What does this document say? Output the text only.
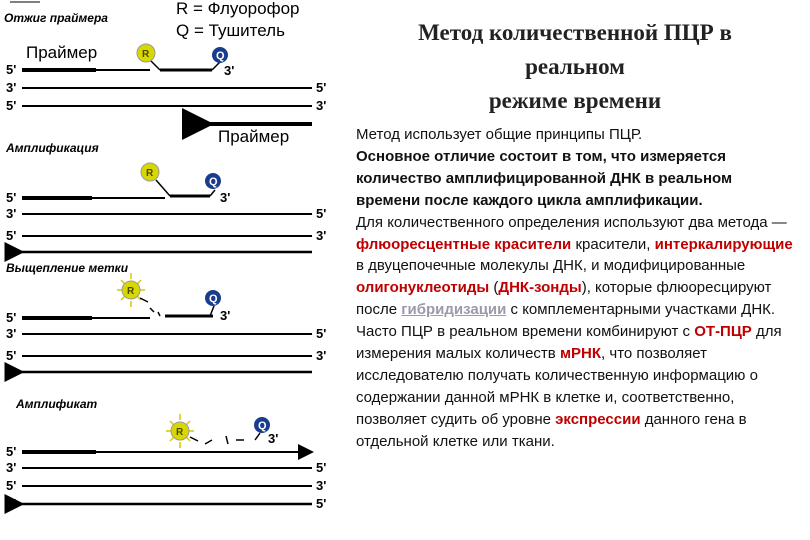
R = Флуорофор
Q = Тушитель
Отжиг праймера
Праймер
5'
R	Q
3'
3'	5'
5'	3'
Праймер
Амплификация
R
Q
3'
5'
3'	5'
5'	3'
Выщепление метки
R
Q
3'
5'
3'	5'
5'	3'
Амплификат
R
Q
3'
5'
3'	5'
5'	3'
3'	5'
Метод количественной ПЦР в
реальном
режиме времени

Метод использует общие принципы ПЦР.

Основное отличие состоит в том, что измеряется количество амплифицированной ДНК в реальном времени после каждого цикла амплификации.

Для количественного определения используют два метода — флюоресцентные красители красители, интеркалирующие в двуцепочечные молекулы ДНК, и модифицированные олигонуклеотиды (ДНК-зонды), которые флюоресцируют после гибридизации с комплементарными участками ДНК.

Часто ПЦР в реальном времени комбинируют с ОТ-ПЦР для измерения малых количеств мРНК, что позволяет исследователю получать количественную информацию о содержании данной мРНК в клетке и, соответственно, позволяет судить об уровне экспрессии данного гена в отдельной клетке или ткани.
